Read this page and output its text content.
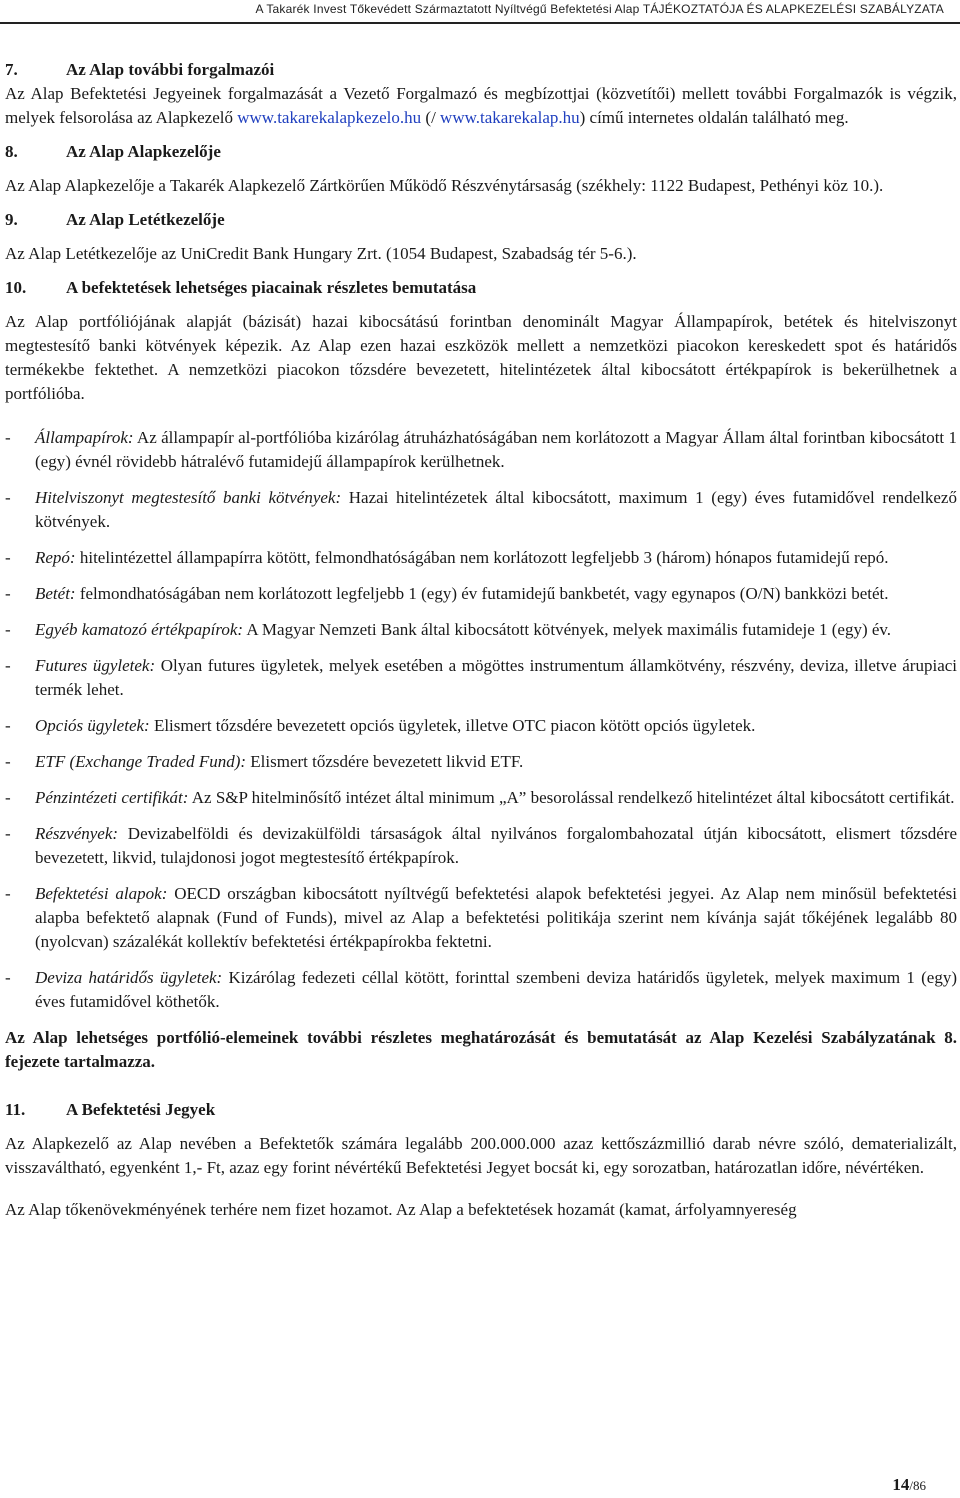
A Takarék Invest Tőkevédett Származtatott Nyíltvégű Befektetési Alap TÁJÉKOZTATÓJA ÉS ALAPKEZELÉSI SZABÁLYZATA

7.	Az Alap további forgalmazói

Az Alap Befektetési Jegyeinek forgalmazását a Vezető Forgalmazó és megbízottjai (közvetítői) mellett további Forgalmazók is végzik, melyek felsorolása az Alapkezelő www.takarekalapkezelo.hu (/ www.takarekalap.hu) című internetes oldalán található meg.

8.	Az Alap Alapkezelője

Az Alap Alapkezelője a Takarék Alapkezelő Zártkörűen Működő Részvénytársaság (székhely: 1122 Budapest, Pethényi köz 10.).

9.	Az Alap Letétkezelője

Az Alap Letétkezelője az UniCredit Bank Hungary Zrt. (1054 Budapest, Szabadság tér 5-6.).

10. A befektetések lehetséges piacainak részletes bemutatása

Az Alap portfóliójának alapját (bázisát) hazai kibocsátású forintban denominált Magyar Állampapírok, betétek és hitelviszonyt megtestesítő banki kötvények képezik. Az Alap ezen hazai eszközök mellett a nemzetközi piacokon kereskedett spot és határidős termékekbe fektethet. A nemzetközi piacokon tőzsdére bevezetett, hitelintézetek által kibocsátott értékpapírok is bekerülhetnek a portfólióba.

- Állampapírok: Az állampapír al-portfólióba kizárólag átruházhatóságában nem korlátozott a Magyar Állam által forintban kibocsátott 1 (egy) évnél rövidebb hátralévő futamidejű állampapírok kerülhetnek.
- Hitelviszonyt megtestesítő banki kötvények: Hazai hitelintézetek által kibocsátott, maximum 1 (egy) éves futamidővel rendelkező kötvények.
- Repó: hitelintézettel állampapírra kötött, felmondhatóságában nem korlátozott legfeljebb 3 (három) hónapos futamidejű repó.
- Betét: felmondhatóságában nem korlátozott legfeljebb 1 (egy) év futamidejű bankbetét, vagy egynapos (O/N) bankközi betét.
- Egyéb kamatozó értékpapírok: A Magyar Nemzeti Bank által kibocsátott kötvények, melyek maximális futamideje 1 (egy) év.
- Futures ügyletek: Olyan futures ügyletek, melyek esetében a mögöttes instrumentum államkötvény, részvény, deviza, illetve árupiaci termék lehet.
- Opciós ügyletek: Elismert tőzsdére bevezetett opciós ügyletek, illetve OTC piacon kötött opciós ügyletek.
- ETF (Exchange Traded Fund): Elismert tőzsdére bevezetett likvid ETF.
- Pénzintézeti certifikát: Az S&P hitelminősítő intézet által minimum „A” besorolással rendelkező hitelintézet által kibocsátott certifikát.
- Részvények: Devizabelföldi és devizakülföldi társaságok által nyilvános forgalombahozatal útján kibocsátott, elismert tőzsdére bevezetett, likvid, tulajdonosi jogot megtestesítő értékpapírok.
- Befektetési alapok: OECD országban kibocsátott nyíltvégű befektetési alapok befektetési jegyei. Az Alap nem minősül befektetési alapba befektető alapnak (Fund of Funds), mivel az Alap a befektetési politikája szerint nem kívánja saját tőkéjének legalább 80 (nyolcvan) százalékát kollektív befektetési értékpapírokba fektetni.
- Deviza határidős ügyletek: Kizárólag fedezeti céllal kötött, forinttal szembeni deviza határidős ügyletek, melyek maximum 1 (egy) éves futamidővel köthetők.

Az Alap lehetséges portfólió-elemeinek további részletes meghatározását és bemutatását az Alap Kezelési Szabályzatának 8. fejezete tartalmazza.

11. A Befektetési Jegyek

Az Alapkezelő az Alap nevében a Befektetők számára legalább 200.000.000 azaz kettőszázmillió darab névre szóló, dematerializált, visszaváltható, egyenként 1,- Ft, azaz egy forint névértékű Befektetési Jegyet bocsát ki, egy sorozatban, határozatlan időre, névértéken.

Az Alap tőkenövekményének terhére nem fizet hozamot. Az Alap a befektetések hozamát (kamat, árfolyamnyereség

14/86
